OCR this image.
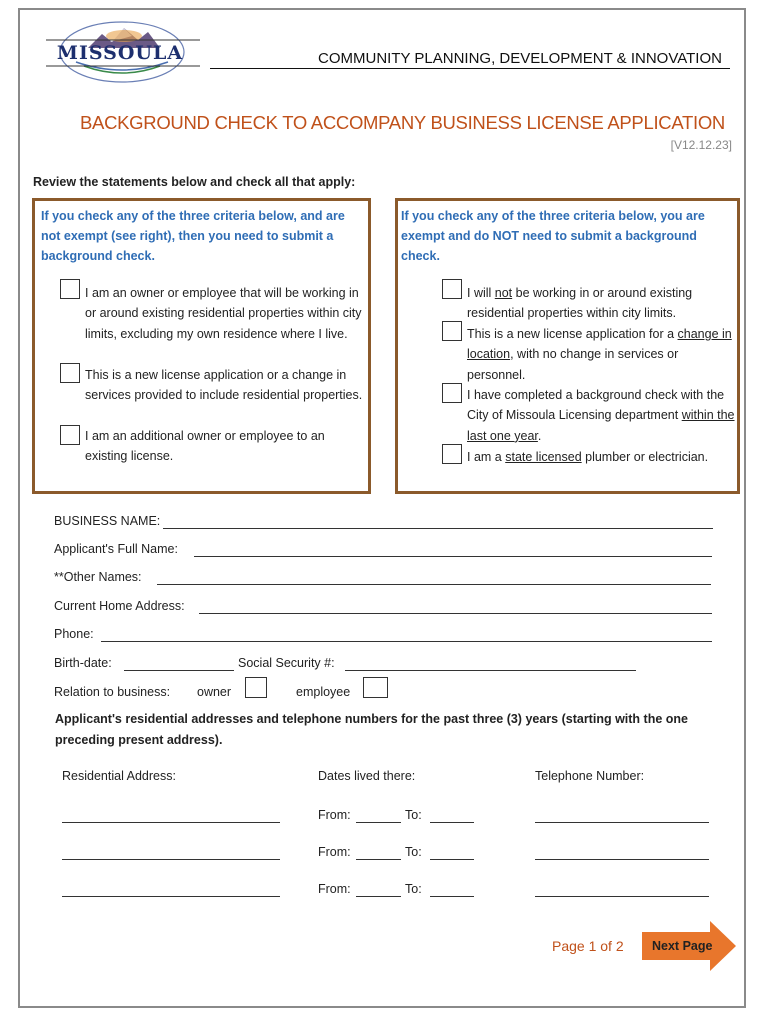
MISSOULA	COMMUNITY PLANNING, DEVELOPMENT & INNOVATION
BACKGROUND CHECK TO ACCOMPANY BUSINESS LICENSE APPLICATION
[V12.12.23]
Review the statements below and check all that apply:
If you check any of the three criteria below, and are not exempt (see right), then you need to submit a background check.
I am an owner or employee that will be working in or around existing residential properties within city limits, excluding my own residence where I live.
This is a new license application or a change in services provided to include residential properties.
I am an additional owner or employee to an existing license.
If you check any of the three criteria below, you are exempt and do NOT need to submit a background check.
I will not be working in or around existing residential properties within city limits.
This is a new license application for a change in location, with no change in services or personnel.
I have completed a background check with the City of Missoula Licensing department within the last one year.
I am a state licensed plumber or electrician.
BUSINESS NAME:
Applicant's Full Name:
**Other Names:
Current Home Address:
Phone:
Birth-date:	Social Security #:
Relation to business: owner	employee
Applicant's residential addresses and telephone numbers for the past three (3) years (starting with the one preceding present address).
Residential Address:	Dates lived there:	Telephone Number:
From:	To:
From:	To:
From:	To:
Page 1 of 2 Next Page
